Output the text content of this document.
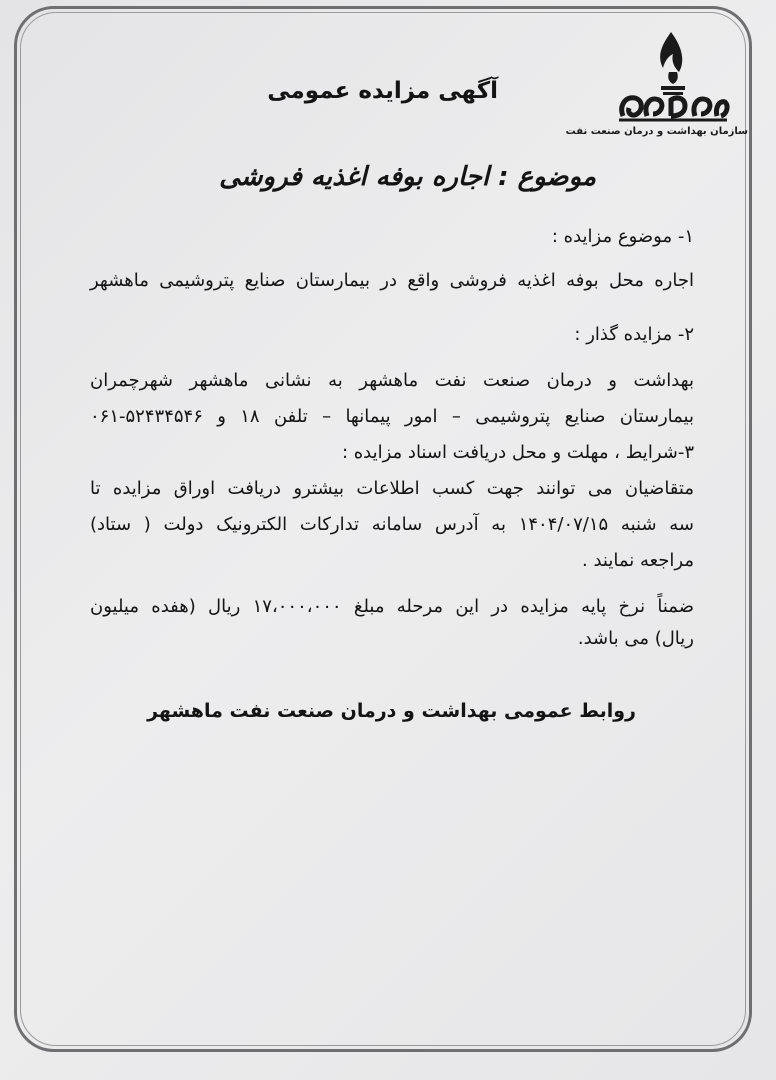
سازمان بهداشت و درمان صنعت نفت
آگهی مزایده عمومی
موضوع : اجاره بوفه اغذیه فروشی
۱- موضوع مزایده :
اجاره محل بوفه اغذیه فروشی واقع در بیمارستان صنایع پتروشیمی ماهشهر
۲- مزایده گذار :
بهداشت و درمان صنعت نفت ماهشهر به نشانی ماهشهر شهرچمران
بیمارستان صنایع پتروشیمی – امور پیمانها – تلفن ۱۸ و ۵۲۴۳۴۵۴۶-۰۶۱
۳-شرایط ، مهلت و محل دریافت اسناد مزایده :
متقاضیان می توانند جهت کسب اطلاعات بیشترو دریافت اوراق مزایده تا
سه شنبه ۱۴۰۴/۰۷/۱۵ به آدرس سامانه تدارکات الکترونیک دولت ( ستاد)
مراجعه نمایند .
ضمناً نرخ پایه مزایده در این مرحله مبلغ ۱۷،۰۰۰،۰۰۰ ریال (هفده میلیون
ریال) می باشد.
روابط عمومی بهداشت و درمان صنعت نفت ماهشهر
